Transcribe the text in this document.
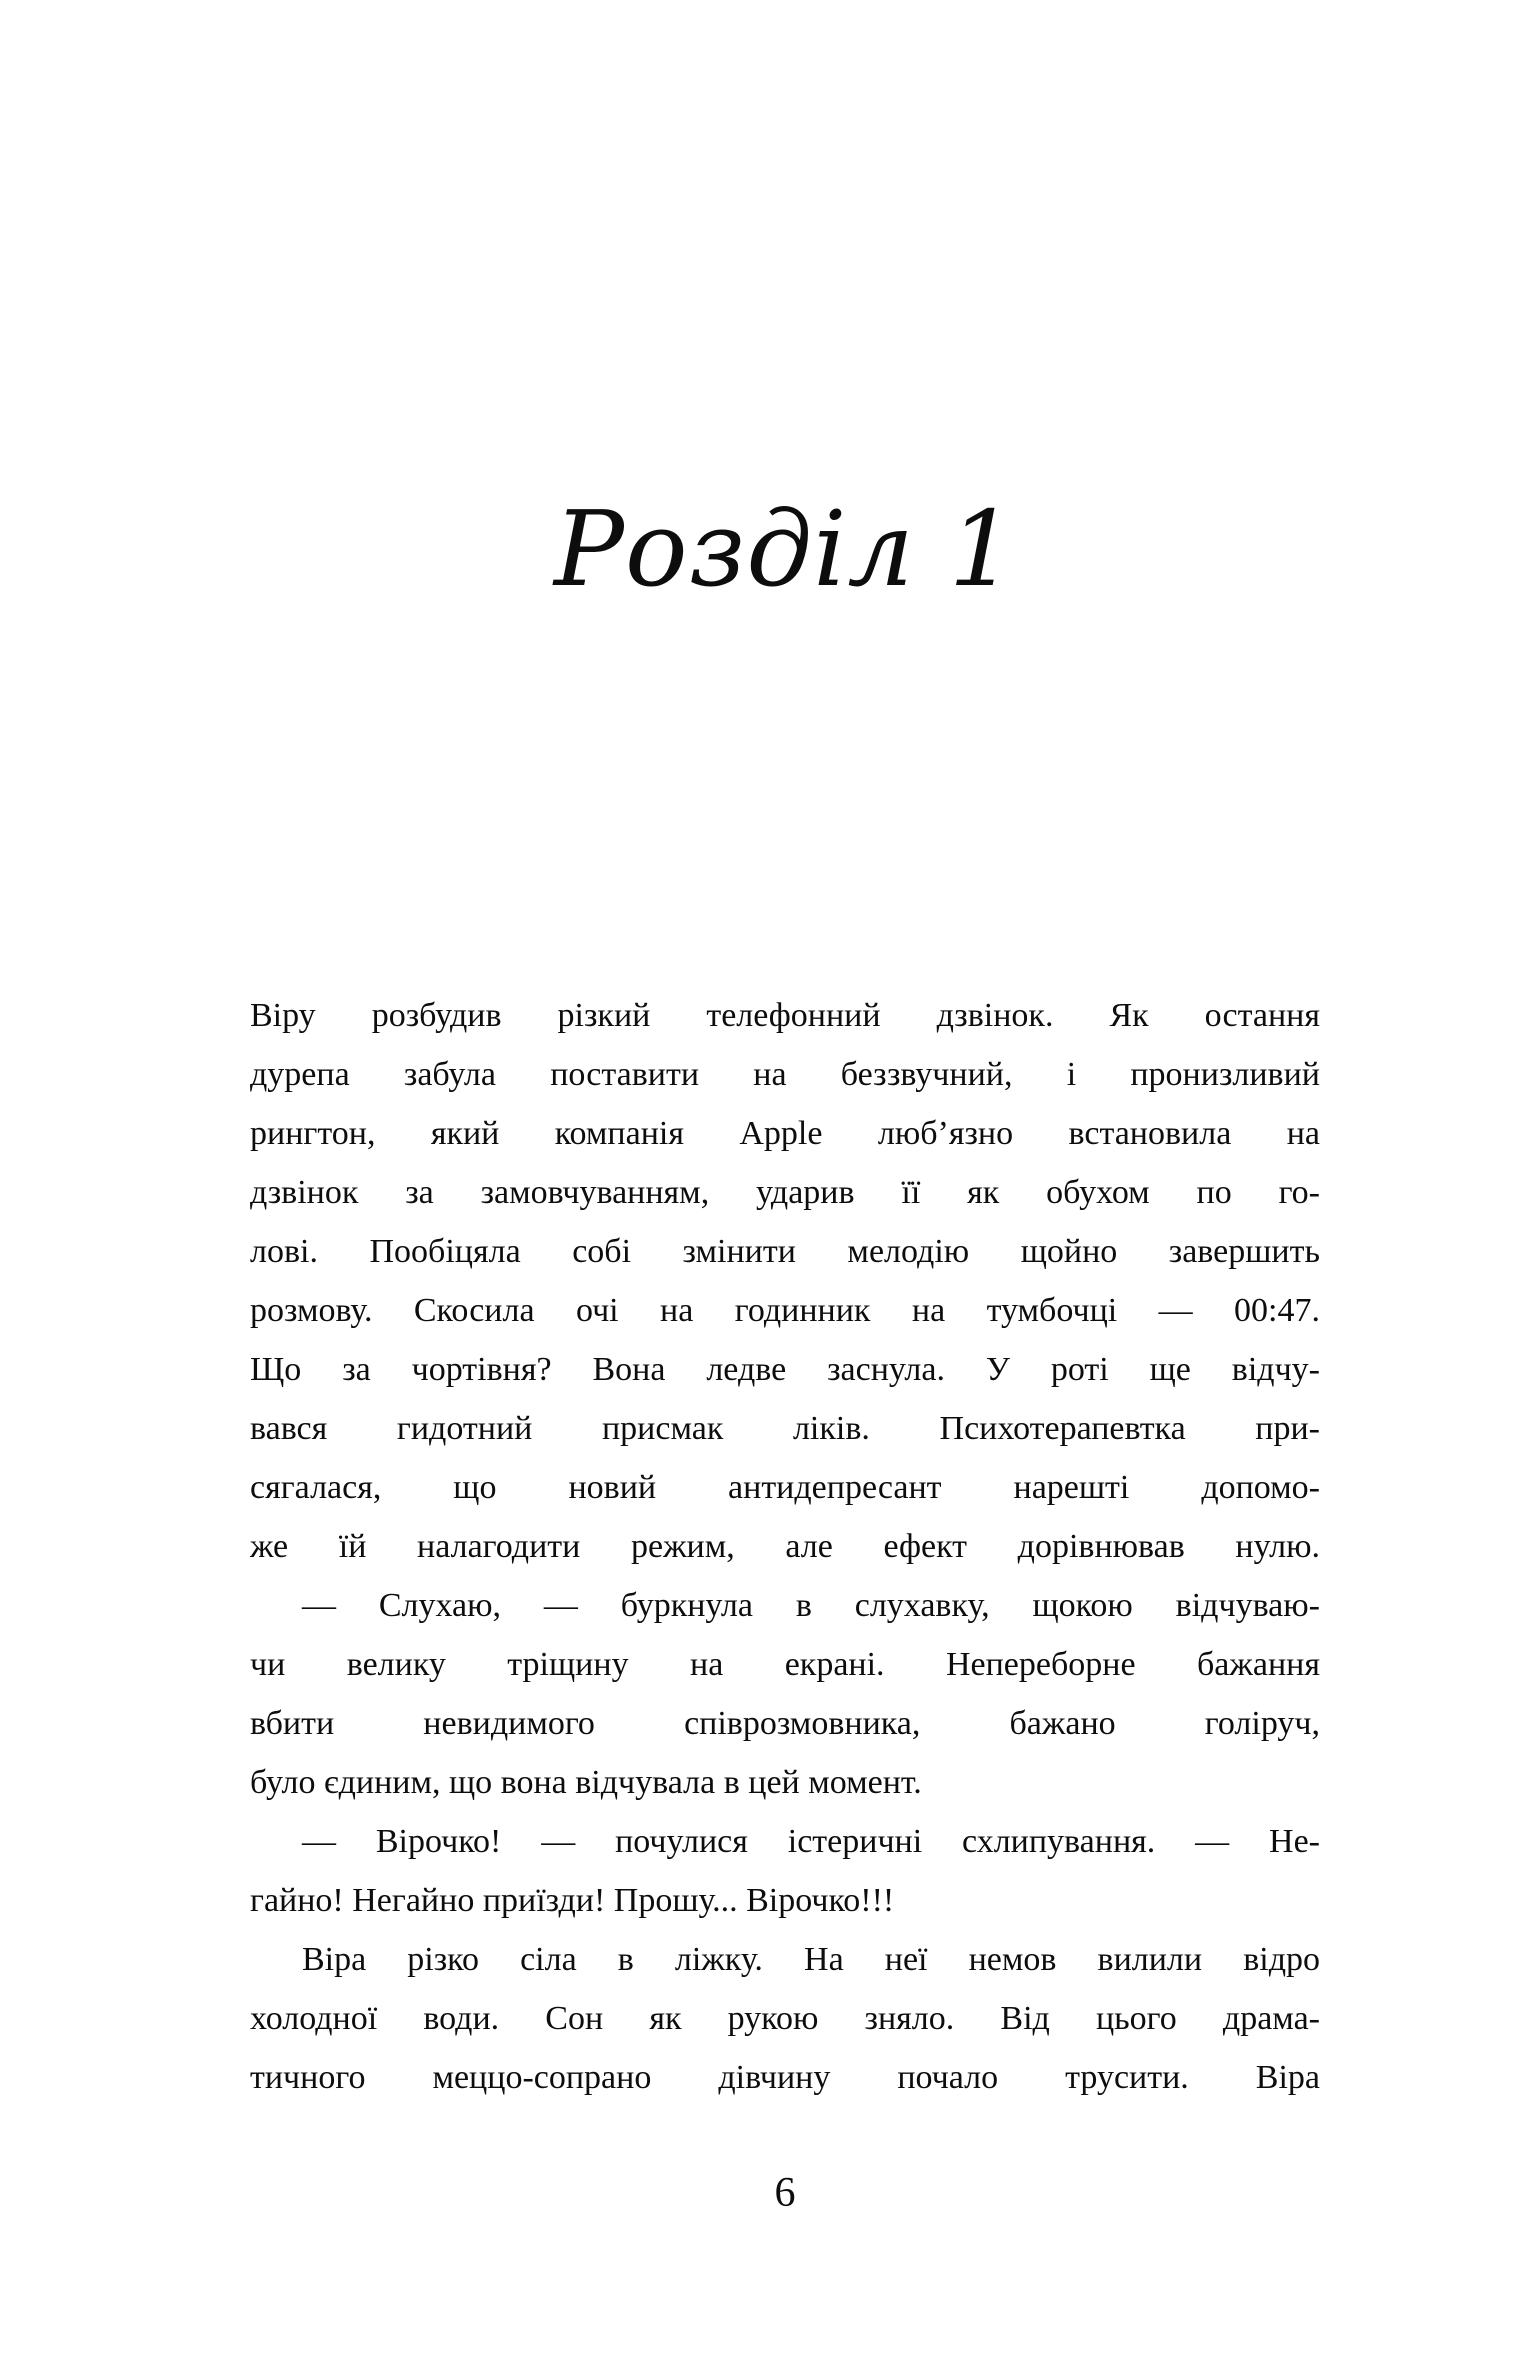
Розділ 1
Віру розбудив різкий телефонний дзвінок. Як остання
дурепа забула поставити на беззвучний, і пронизливий
рингтон, який компанія Apple люб’язно встановила на
дзвінок за замовчуванням, ударив її як обухом по го-
лові. Пообіцяла собі змінити мелодію щойно завершить
розмову. Скосила очі на годинник на тумбочці — 00:47.
Що за чортівня? Вона ледве заснула. У роті ще відчу-
вався гидотний присмак ліків. Психотерапевтка при-
сягалася, що новий антидепресант нарешті допомо-
же їй налагодити режим, але ефект дорівнював нулю.
— Слухаю, — буркнула в слухавку, щокою відчуваю-
чи велику тріщину на екрані. Непереборне бажання
вбити невидимого співрозмовника, бажано голіруч,
було єдиним, що вона відчувала в цей момент.
— Вірочко! — почулися істеричні схлипування. — Не-
гайно! Негайно приїзди! Прошу... Вірочко!!!
Віра різко сіла в ліжку. На неї немов вилили відро
холодної води. Сон як рукою зняло. Від цього драма-
тичного меццо-сопрано дівчину почало трусити. Віра
6
